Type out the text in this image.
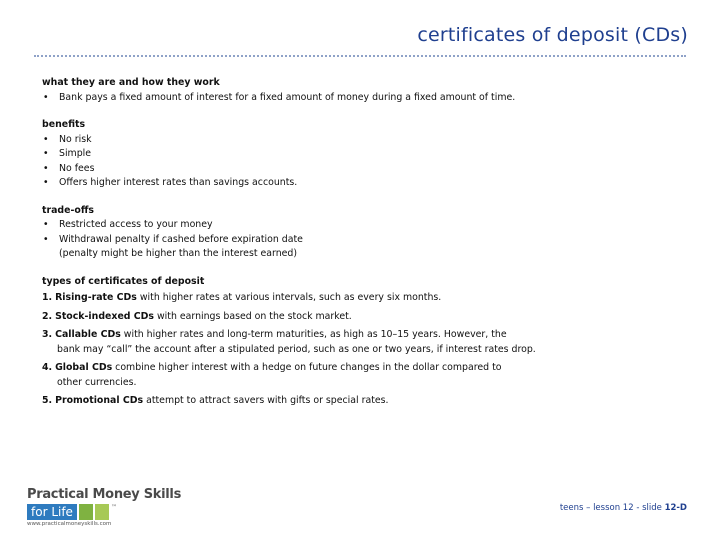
certificates of deposit (CDs)
what they are and how they work
• Bank pays a fixed amount of interest for a fixed amount of money during a fixed amount of time.
benefits
• No risk
• Simple
• No fees
• Offers higher interest rates than savings accounts.
trade-offs
• Restricted access to your money
• Withdrawal penalty if cashed before expiration date
(penalty might be higher than the interest earned)
types of certificates of deposit
1. Rising-rate CDs with higher rates at various intervals, such as every six months.
2. Stock-indexed CDs with earnings based on the stock market.
3. Callable CDs with higher rates and long-term maturities, as high as 10–15 years. However, the
bank may “call” the account after a stipulated period, such as one or two years, if interest rates drop.
4. Global CDs combine higher interest with a hedge on future changes in the dollar compared to
other currencies.
5. Promotional CDs attempt to attract savers with gifts or special rates.
Practical Money Skills
for Life	™
www.practicalmoneyskills.com
teens – lesson 12 - slide 12-D
